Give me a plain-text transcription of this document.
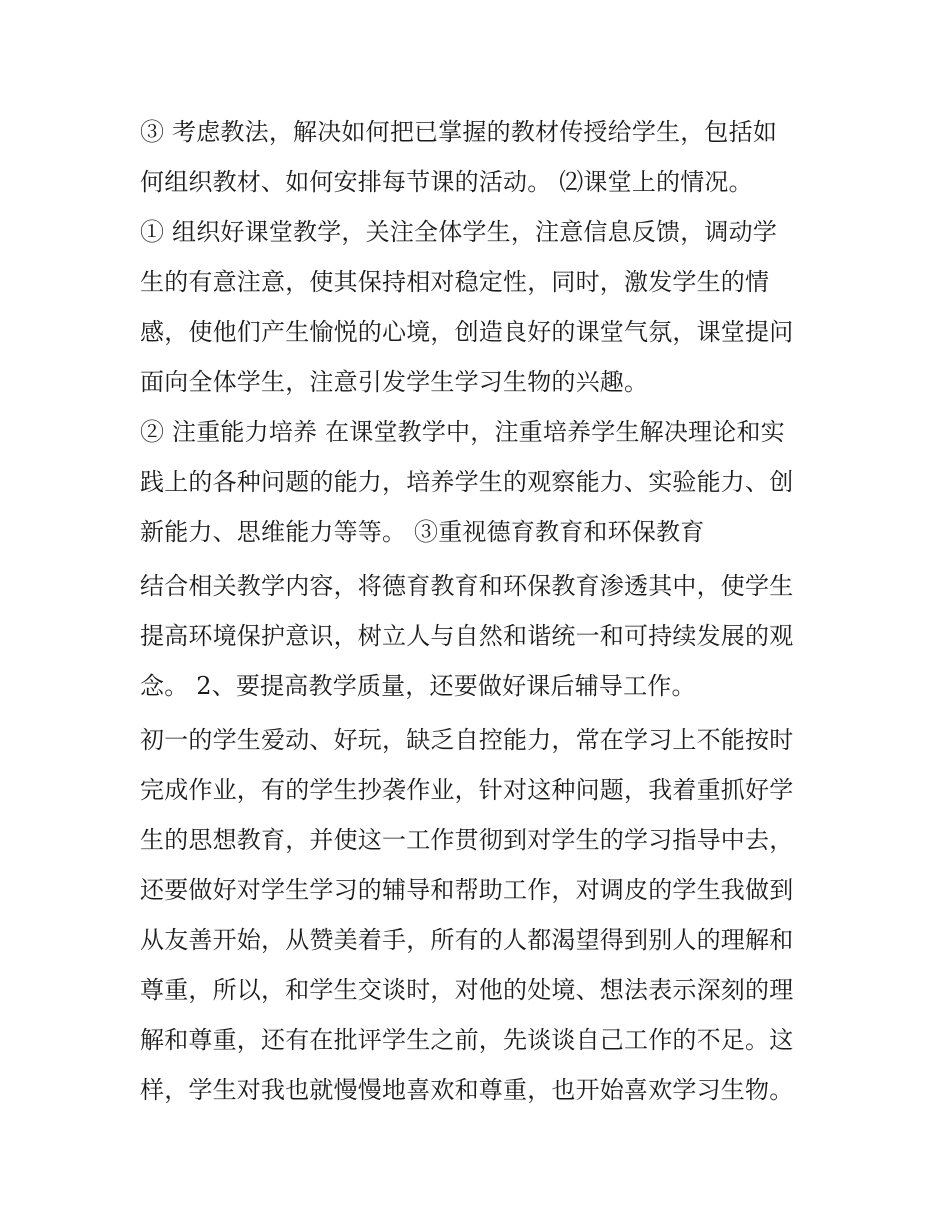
③ 考虑教法，解决如何把已掌握的教材传授给学生，包括如
何组织教材、如何安排每节课的活动。 ⑵课堂上的情况。
① 组织好课堂教学，关注全体学生，注意信息反馈，调动学
生的有意注意，使其保持相对稳定性，同时，激发学生的情
感，使他们产生愉悦的心境，创造良好的课堂气氛，课堂提问
面向全体学生，注意引发学生学习生物的兴趣。
② 注重能力培养 在课堂教学中，注重培养学生解决理论和实
践上的各种问题的能力，培养学生的观察能力、实验能力、创
新能力、思维能力等等。 ③重视德育教育和环保教育
结合相关教学内容，将德育教育和环保教育渗透其中，使学生
提高环境保护意识，树立人与自然和谐统一和可持续发展的观
念。 2、要提高教学质量，还要做好课后辅导工作。
初一的学生爱动、好玩，缺乏自控能力，常在学习上不能按时
完成作业，有的学生抄袭作业，针对这种问题，我着重抓好学
生的思想教育，并使这一工作贯彻到对学生的学习指导中去，
还要做好对学生学习的辅导和帮助工作，对调皮的学生我做到
从友善开始，从赞美着手，所有的人都渴望得到别人的理解和
尊重，所以，和学生交谈时，对他的处境、想法表示深刻的理
解和尊重，还有在批评学生之前，先谈谈自己工作的不足。这
样，学生对我也就慢慢地喜欢和尊重，也开始喜欢学习生物。
